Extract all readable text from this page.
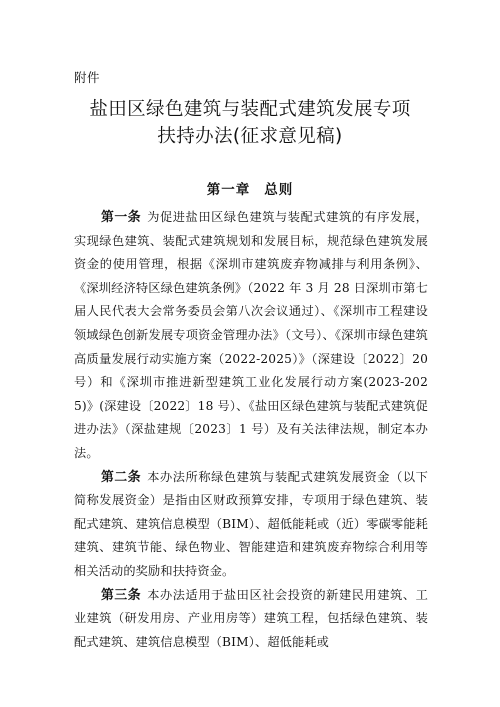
附件
盐田区绿色建筑与装配式建筑发展专项
扶持办法(征求意见稿)
第一章 总则

第一条 为促进盐田区绿色建筑与装配式建筑的有序发展，实现绿色建筑、装配式建筑规划和发展目标，规范绿色建筑发展资金的使用管理，根据《深圳市建筑废弃物减排与利用条例》、《深圳经济特区绿色建筑条例》（2022 年 3 月 28 日深圳市第七届人民代表大会常务委员会第八次会议通过）、《深圳市工程建设领域绿色创新发展专项资金管理办法》（文号）、《深圳市绿色建筑高质量发展行动实施方案（2022-2025）》（深建设〔2022〕20 号）和《深圳市推进新型建筑工业化发展行动方案(2023-2025)》(深建设〔2022〕18 号）、《盐田区绿色建筑与装配式建筑促进办法》（深盐建规〔2023〕1 号）及有关法律法规，制定本办法。

第二条 本办法所称绿色建筑与装配式建筑发展资金（以下简称发展资金）是指由区财政预算安排，专项用于绿色建筑、装配式建筑、建筑信息模型（BIM）、超低能耗或（近）零碳零能耗建筑、建筑节能、绿色物业、智能建造和建筑废弃物综合利用等相关活动的奖励和扶持资金。

第三条 本办法适用于盐田区社会投资的新建民用建筑、工业建筑（研发用房、产业用房等）建筑工程，包括绿色建筑、装配式建筑、建筑信息模型（BIM）、超低能耗或
